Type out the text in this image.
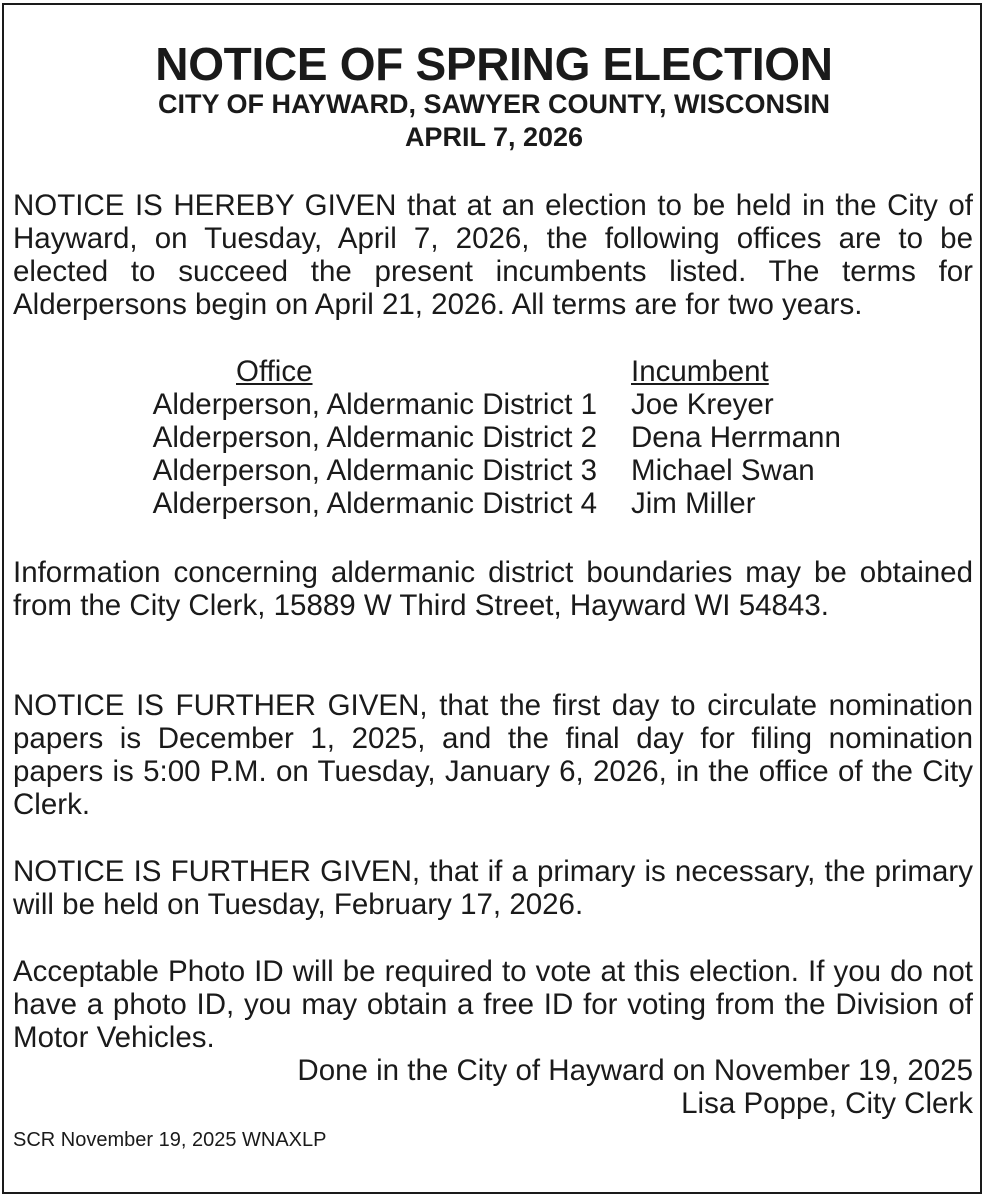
NOTICE OF SPRING ELECTION
CITY OF HAYWARD, SAWYER COUNTY, WISCONSIN
APRIL 7, 2026
NOTICE IS HEREBY GIVEN that at an election to be held in the City of Hayward, on Tuesday, April 7, 2026, the following offices are to be elected to succeed the present incumbents listed. The terms for Alderpersons begin on April 21, 2026. All terms are for two years.
Office	Incumbent
Alderperson, Aldermanic District 1 Joe Kreyer
Alderperson, Aldermanic District 2 Dena Herrmann
Alderperson, Aldermanic District 3 Michael Swan
Alderperson, Aldermanic District 4 Jim Miller
Information concerning aldermanic district boundaries may be obtained from the City Clerk, 15889 W Third Street, Hayward WI 54843.
NOTICE IS FURTHER GIVEN, that the first day to circulate nomination papers is December 1, 2025, and the final day for filing nomination papers is 5:00 P.M. on Tuesday, January 6, 2026, in the office of the City Clerk.
NOTICE IS FURTHER GIVEN, that if a primary is necessary, the primary will be held on Tuesday, February 17, 2026.
Acceptable Photo ID will be required to vote at this election. If you do not have a photo ID, you may obtain a free ID for voting from the Division of Motor Vehicles.
Done in the City of Hayward on November 19, 2025
Lisa Poppe, City Clerk
SCR November 19, 2025 WNAXLP
